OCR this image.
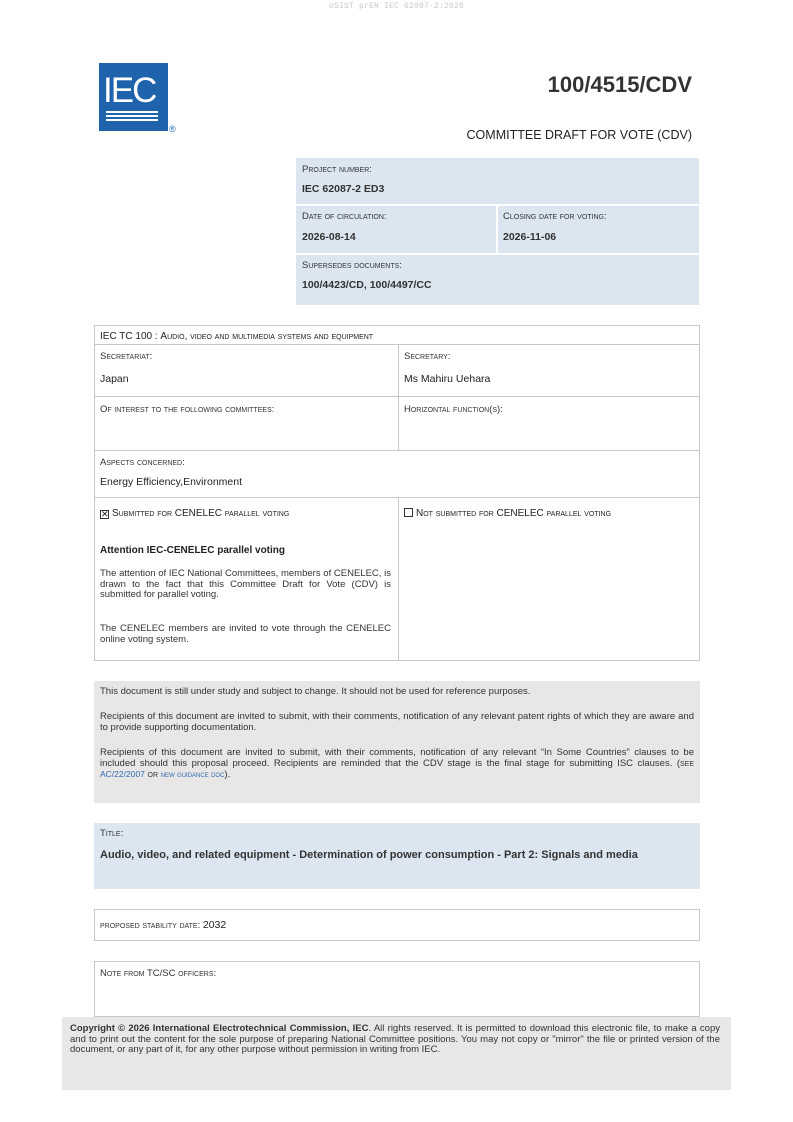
oSIST prEN IEC 62087-2:2026
IEC
®
100/4515/CDV
COMMITTEE DRAFT FOR VOTE (CDV)
Project number:
IEC 62087-2 ED3
Date of circulation:
2026-08-14
Closing date for voting:
2026-11-06
Supersedes documents:
100/4423/CD, 100/4497/CC
IEC TC 100 : Audio, video and multimedia systems and equipment
Secretariat:
Japan
Secretary:
Ms Mahiru Uehara
Of interest to the following committees:	Horizontal function(s):
Aspects concerned:
Energy Efficiency,Environment
✕ Submitted for CENELEC parallel voting	Not submitted for CENELEC parallel voting
Attention IEC-CENELEC parallel voting
The attention of IEC National Committees, members of CENELEC, is drawn to the fact that this Committee Draft for Vote (CDV) is submitted for parallel voting.
The CENELEC members are invited to vote through the CENELEC online voting system.
This document is still under study and subject to change. It should not be used for reference purposes.
Recipients of this document are invited to submit, with their comments, notification of any relevant patent rights of which they are aware and to provide supporting documentation.
Recipients of this document are invited to submit, with their comments, notification of any relevant “In Some Countries” clauses to be included should this proposal proceed. Recipients are reminded that the CDV stage is the final stage for submitting ISC clauses. (see AC/22/2007 or new guidance doc).
Title:
Audio, video, and related equipment - Determination of power consumption - Part 2: Signals and media
proposed stability date: 2032
Note from TC/SC officers:
Copyright © 2026 International Electrotechnical Commission, IEC. All rights reserved. It is permitted to download this electronic file, to make a copy and to print out the content for the sole purpose of preparing National Committee positions. You may not copy or "mirror" the file or printed version of the document, or any part of it, for any other purpose without permission in writing from IEC.
